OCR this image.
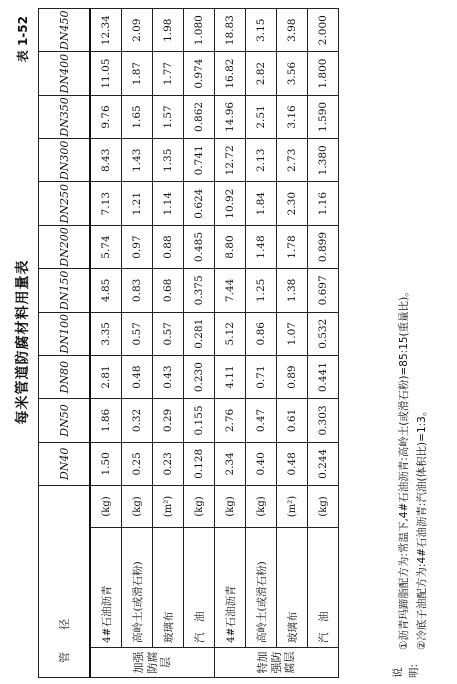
每米管道防腐材料用量表
表 1-52
管　　径			DN40	DN50	DN80	DN100	DN150	DN200	DN250	DN300	DN350	DN400	DN450
加强防腐层	4#石油沥青	(kg)	1.50	1.86	2.81	3.35	4.85	5.74	7.13	8.43	9.76	11.05	12.34
	高岭土(或滑石粉)	(kg)	0.25	0.32	0.48	0.57	0.83	0.97	1.21	1.43	1.65	1.87	2.09
	玻璃布	(m²)	0.23	0.29	0.43	0.57	0.68	0.88	1.14	1.35	1.57	1.77	1.98
	汽　油	(kg)	0.128	0.155	0.230	0.281	0.375	0.485	0.624	0.741	0.862	0.974	1.080
特加强防腐层	4#石油沥青	(kg)	2.34	2.76	4.11	5.12	7.44	8.80	10.92	12.72	14.96	16.82	18.83
	高岭土(或滑石粉)	(kg)	0.40	0.47	0.71	0.86	1.25	1.48	1.84	2.13	2.51	2.82	3.15
	玻璃布	(m²)	0.48	0.61	0.89	1.07	1.38	1.78	2.30	2.73	3.16	3.56	3.98
	汽　油	(kg)	0.244	0.303	0.441	0.532	0.697	0.899	1.16	1.380	1.590	1.800	2.000
说明:
①沥青玛蹄脂配方为:常温下,4#石油沥青:高岭土(或滑石粉)=85:15(重量比)。 ②冷底子油配方为:4#石油沥青:汽油(体积比)=1:3。
